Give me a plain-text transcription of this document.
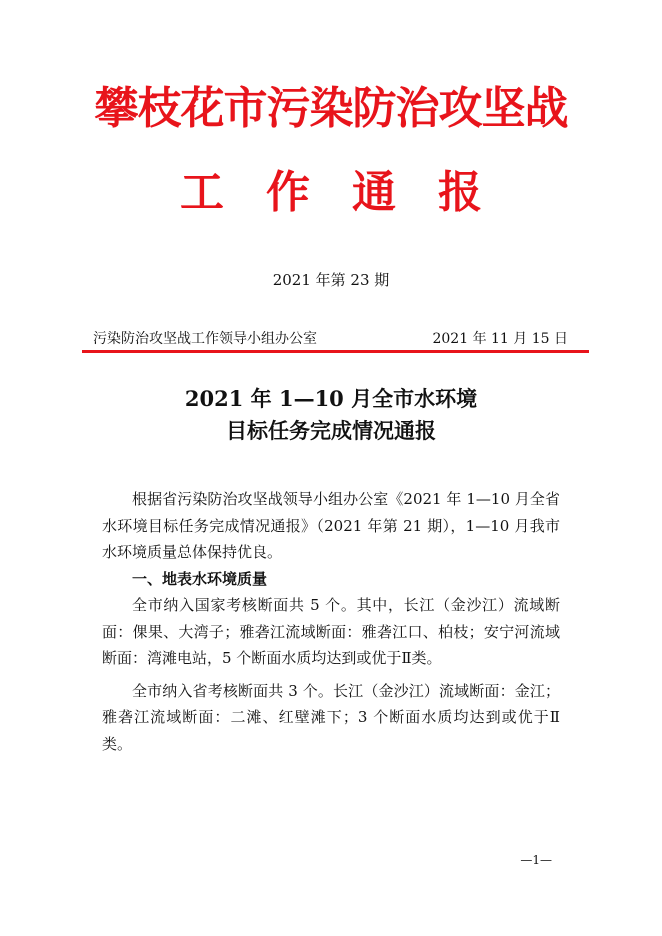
攀枝花市污染防治攻坚战
工作通报
2021 年第 23 期
污染防治攻坚战工作领导小组办公室	2021 年 11 月 15 日
2021 年 1—10 月全市水环境
目标任务完成情况通报

根据省污染防治攻坚战领导小组办公室《2021 年 1—10 月全省水环境目标任务完成情况通报》（2021 年第 21 期），1—10 月我市水环境质量总体保持优良。

一、地表水环境质量

全市纳入国家考核断面共 5 个。其中，长江（金沙江）流域断面：倮果、大湾子；雅砻江流域断面：雅砻江口、柏枝；安宁河流域断面：湾滩电站，5 个断面水质均达到或优于Ⅱ类。

全市纳入省考核断面共 3 个。长江（金沙江）流域断面：金江；雅砻江流域断面：二滩、红壁滩下；3 个断面水质均达到或优于Ⅱ类。

—1—
